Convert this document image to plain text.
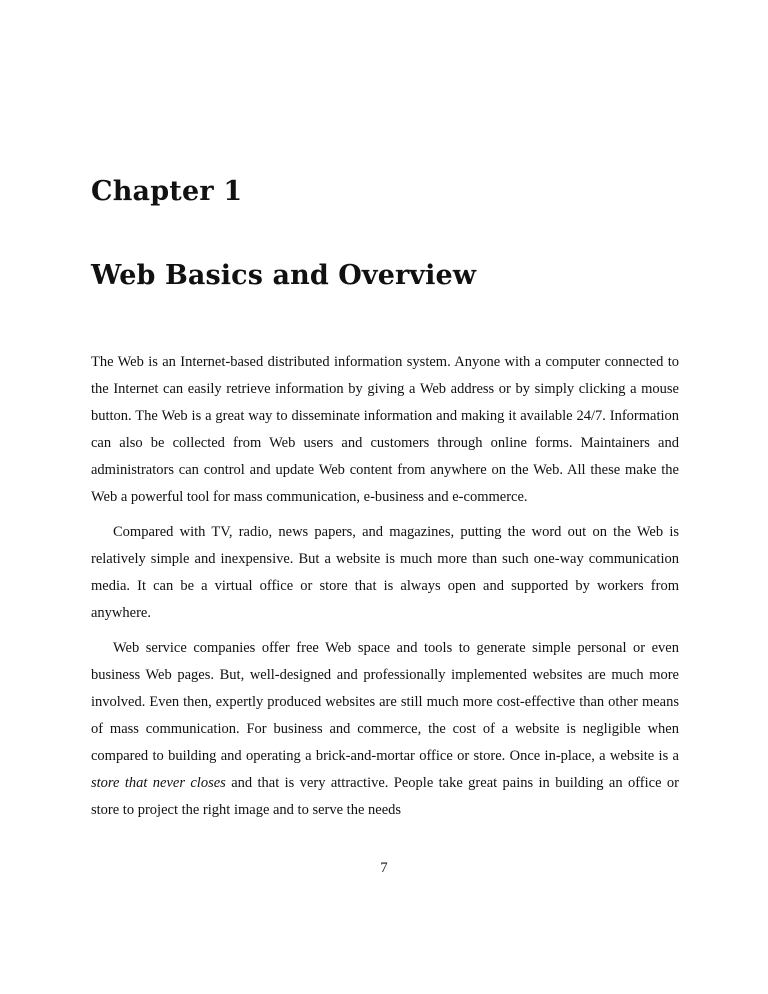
Chapter 1
Web Basics and Overview

The Web is an Internet-based distributed information system. Anyone with a computer connected to the Internet can easily retrieve information by giving a Web address or by simply clicking a mouse button. The Web is a great way to disseminate information and making it available 24/7. Information can also be collected from Web users and customers through online forms. Maintainers and administrators can control and update Web content from anywhere on the Web. All these make the Web a powerful tool for mass communication, e-business and e-commerce.

Compared with TV, radio, news papers, and magazines, putting the word out on the Web is relatively simple and inexpensive. But a website is much more than such one-way communication media. It can be a virtual office or store that is always open and supported by workers from anywhere.

Web service companies offer free Web space and tools to generate simple personal or even business Web pages. But, well-designed and professionally implemented websites are much more involved. Even then, expertly produced websites are still much more cost-effective than other means of mass communication. For business and commerce, the cost of a website is negligible when compared to building and operating a brick-and-mortar office or store. Once in-place, a website is a store that never closes and that is very attractive. People take great pains in building an office or store to project the right image and to serve the needs

7
